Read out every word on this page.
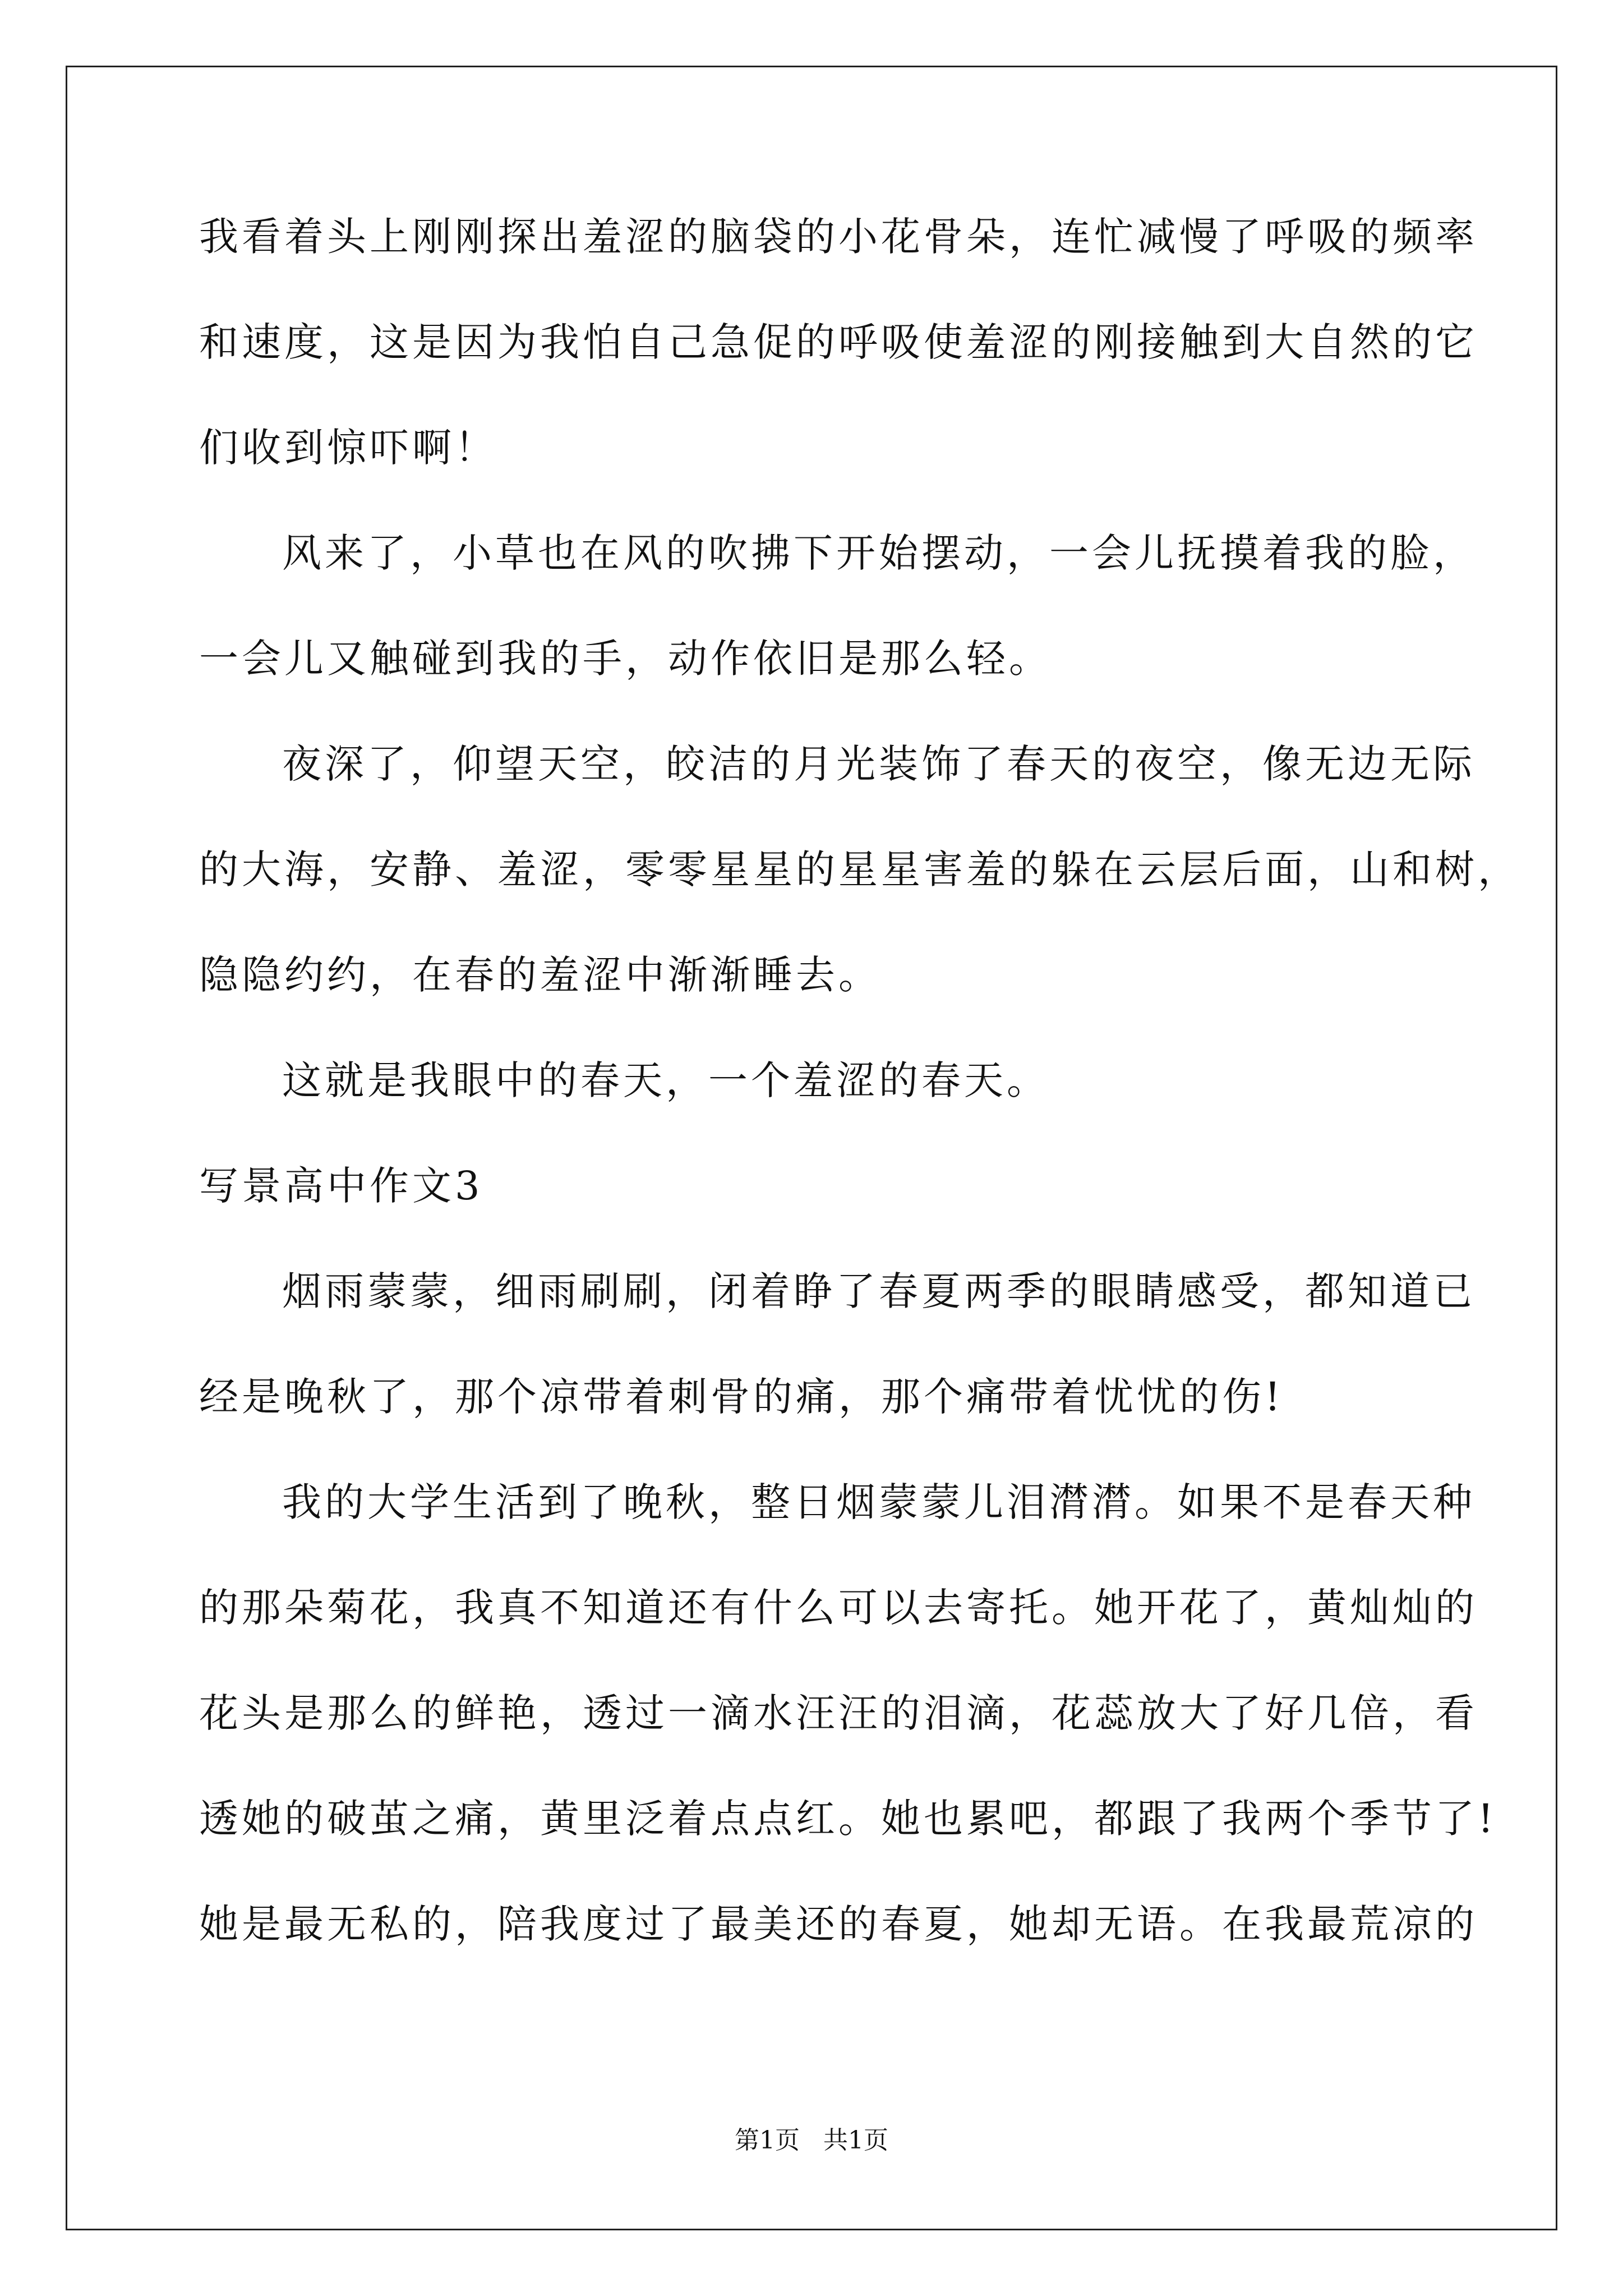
我看着头上刚刚探出羞涩的脑袋的小花骨朵，连忙减慢了呼吸的频率
和速度，这是因为我怕自己急促的呼吸使羞涩的刚接触到大自然的它
们收到惊吓啊！
风来了，小草也在风的吹拂下开始摆动，一会儿抚摸着我的脸，
一会儿又触碰到我的手，动作依旧是那么轻。
夜深了，仰望天空，皎洁的月光装饰了春天的夜空，像无边无际
的大海，安静、羞涩，零零星星的星星害羞的躲在云层后面，山和树，
隐隐约约，在春的羞涩中渐渐睡去。
这就是我眼中的春天，一个羞涩的春天。
写景高中作文3
烟雨蒙蒙，细雨刷刷，闭着睁了春夏两季的眼睛感受，都知道已
经是晚秋了，那个凉带着刺骨的痛，那个痛带着忧忧的伤!
我的大学生活到了晚秋，整日烟蒙蒙儿泪潸潸。如果不是春天种
的那朵菊花，我真不知道还有什么可以去寄托。她开花了，黄灿灿的
花头是那么的鲜艳，透过一滴水汪汪的泪滴，花蕊放大了好几倍，看
透她的破茧之痛，黄里泛着点点红。她也累吧，都跟了我两个季节了!
她是最无私的，陪我度过了最美还的春夏，她却无语。在我最荒凉的
第1页   共1页
